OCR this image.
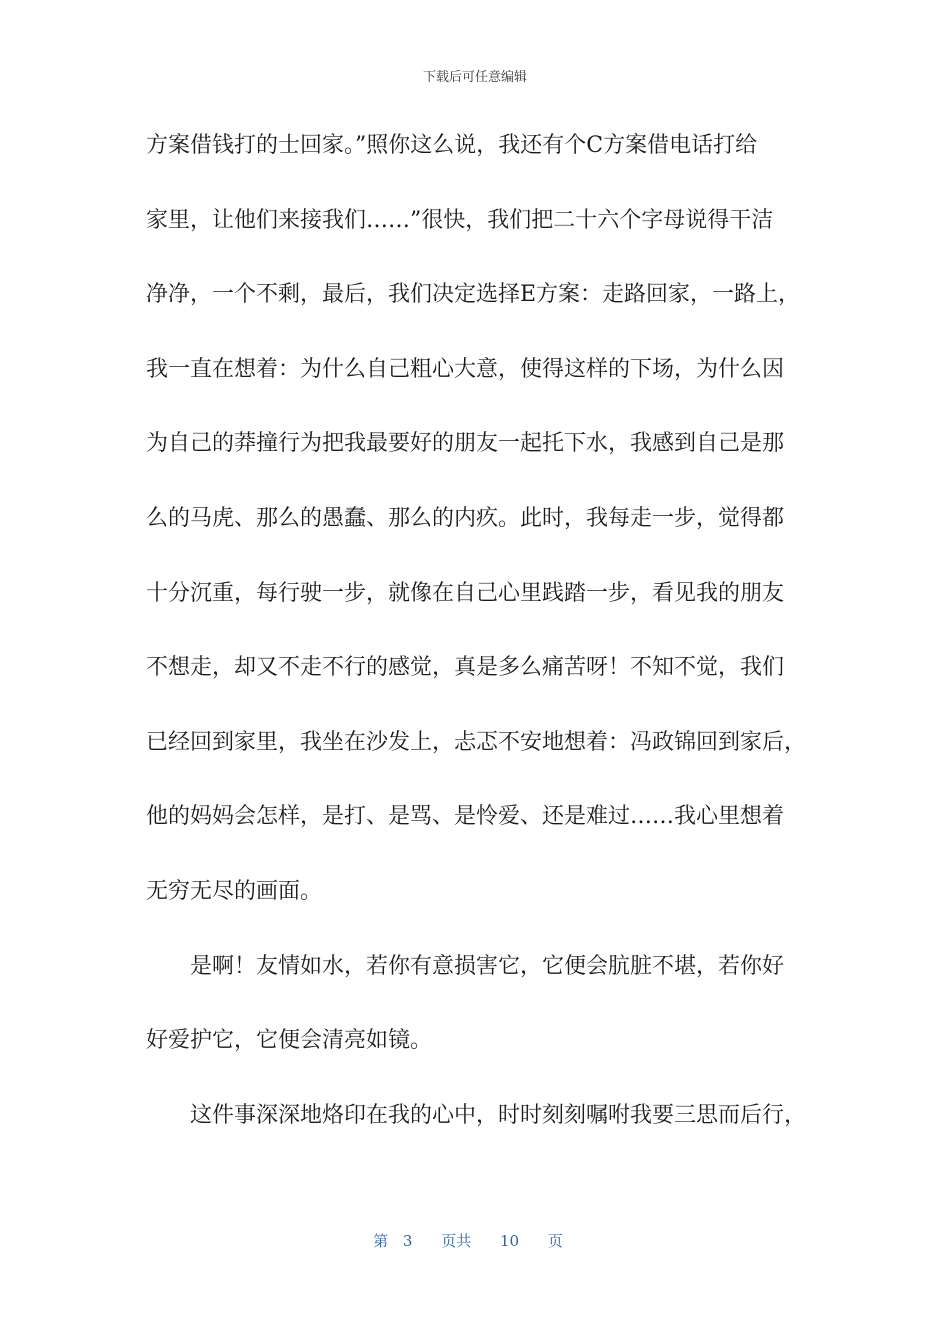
下载后可任意编辑
方案借钱打的士回家。”照你这么说，我还有个C方案借电话打给
家里，让他们来接我们……”很快，我们把二十六个字母说得干洁
净净，一个不剩，最后，我们决定选择E方案：走路回家，一路上，
我一直在想着：为什么自己粗心大意，使得这样的下场，为什么因
为自己的莽撞行为把我最要好的朋友一起托下水，我感到自己是那
么的马虎、那么的愚蠢、那么的内疚。此时，我每走一步，觉得都
十分沉重，每行驶一步，就像在自己心里践踏一步，看见我的朋友
不想走，却又不走不行的感觉，真是多么痛苦呀！不知不觉，我们
已经回到家里，我坐在沙发上，忐忑不安地想着：冯政锦回到家后，
他的妈妈会怎样，是打、是骂、是怜爱、还是难过……我心里想着
无穷无尽的画面。
是啊！友情如水，若你有意损害它，它便会肮脏不堪，若你好
好爱护它，它便会清亮如镜。
这件事深深地烙印在我的心中，时时刻刻嘱咐我要三思而后行，
第 3 页共 10 页
